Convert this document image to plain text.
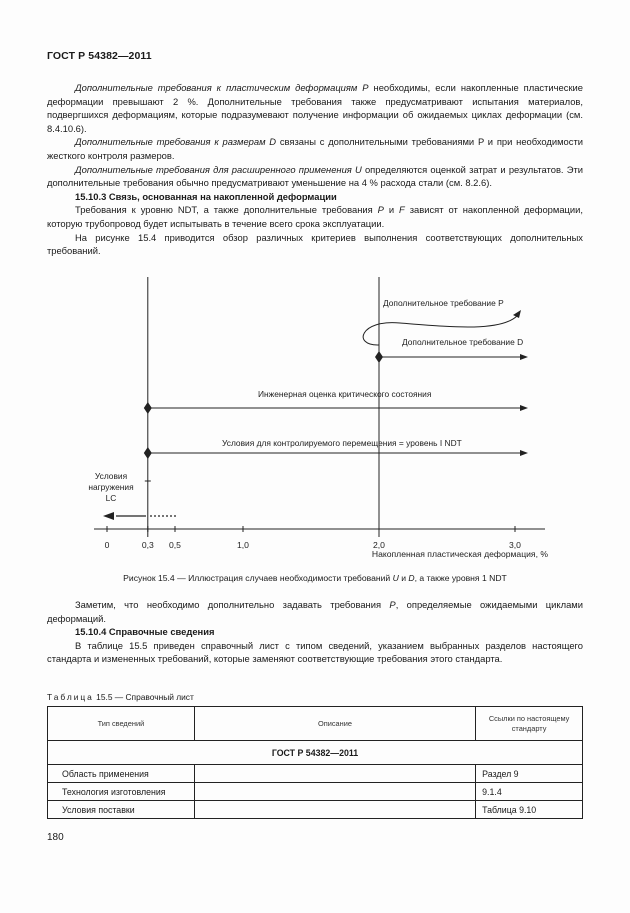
ГОСТ Р 54382—2011

Дополнительные требования к пластическим деформациям P необходимы, если накопленные пластические деформации превышают 2 %. Дополнительные требования также предусматривают испытания материалов, подвергшихся деформациям, которые подразумевают получение информации об ожидаемых циклах деформации (см. 8.4.10.6).

Дополнительные требования к размерам D связаны с дополнительными требованиями P и при необходимости жесткого контроля размеров.

Дополнительные требования для расширенного применения U определяются оценкой затрат и результатов. Эти дополнительные требования обычно предусматривают уменьшение на 4 % расхода стали (см. 8.2.6).

15.10.3 Связь, основанная на накопленной деформации

Требования к уровню NDT, а также дополнительные требования P и F зависят от накопленной деформации, которую трубопровод будет испытывать в течение всего срока эксплуатации.

На рисунке 15.4 приводится обзор различных критериев выполнения соответствующих дополнительных требований.

0	0,3 0,5	1,0	2,0	3,0
Накопленная пластическая деформация, %
Условия для контролируемого перемещения = уровень I NDT
Инженерная оценка критического состояния
Дополнительное требование D
Дополнительное требование P
Условия
нагружения
LC
Рисунок 15.4 — Иллюстрация случаев необходимости требований U и D, а также уровня 1 NDT

Заметим, что необходимо дополнительно задавать требования P, определяемые ожидаемыми циклами деформаций.

15.10.4 Справочные сведения

В таблице 15.5 приведен справочный лист с типом сведений, указанием выбранных разделов настоящего стандарта и измененных требований, которые заменяют соответствующие требования этого стандарта.

Таблица 15.5 — Справочный лист
Тип сведений	Описание	Ссылки по настоящему стандарту
ГОСТ Р 54382—2011		
Область применения		Раздел 9
Технология изготовления		9.1.4
Условия поставки		Таблица 9.10
180
